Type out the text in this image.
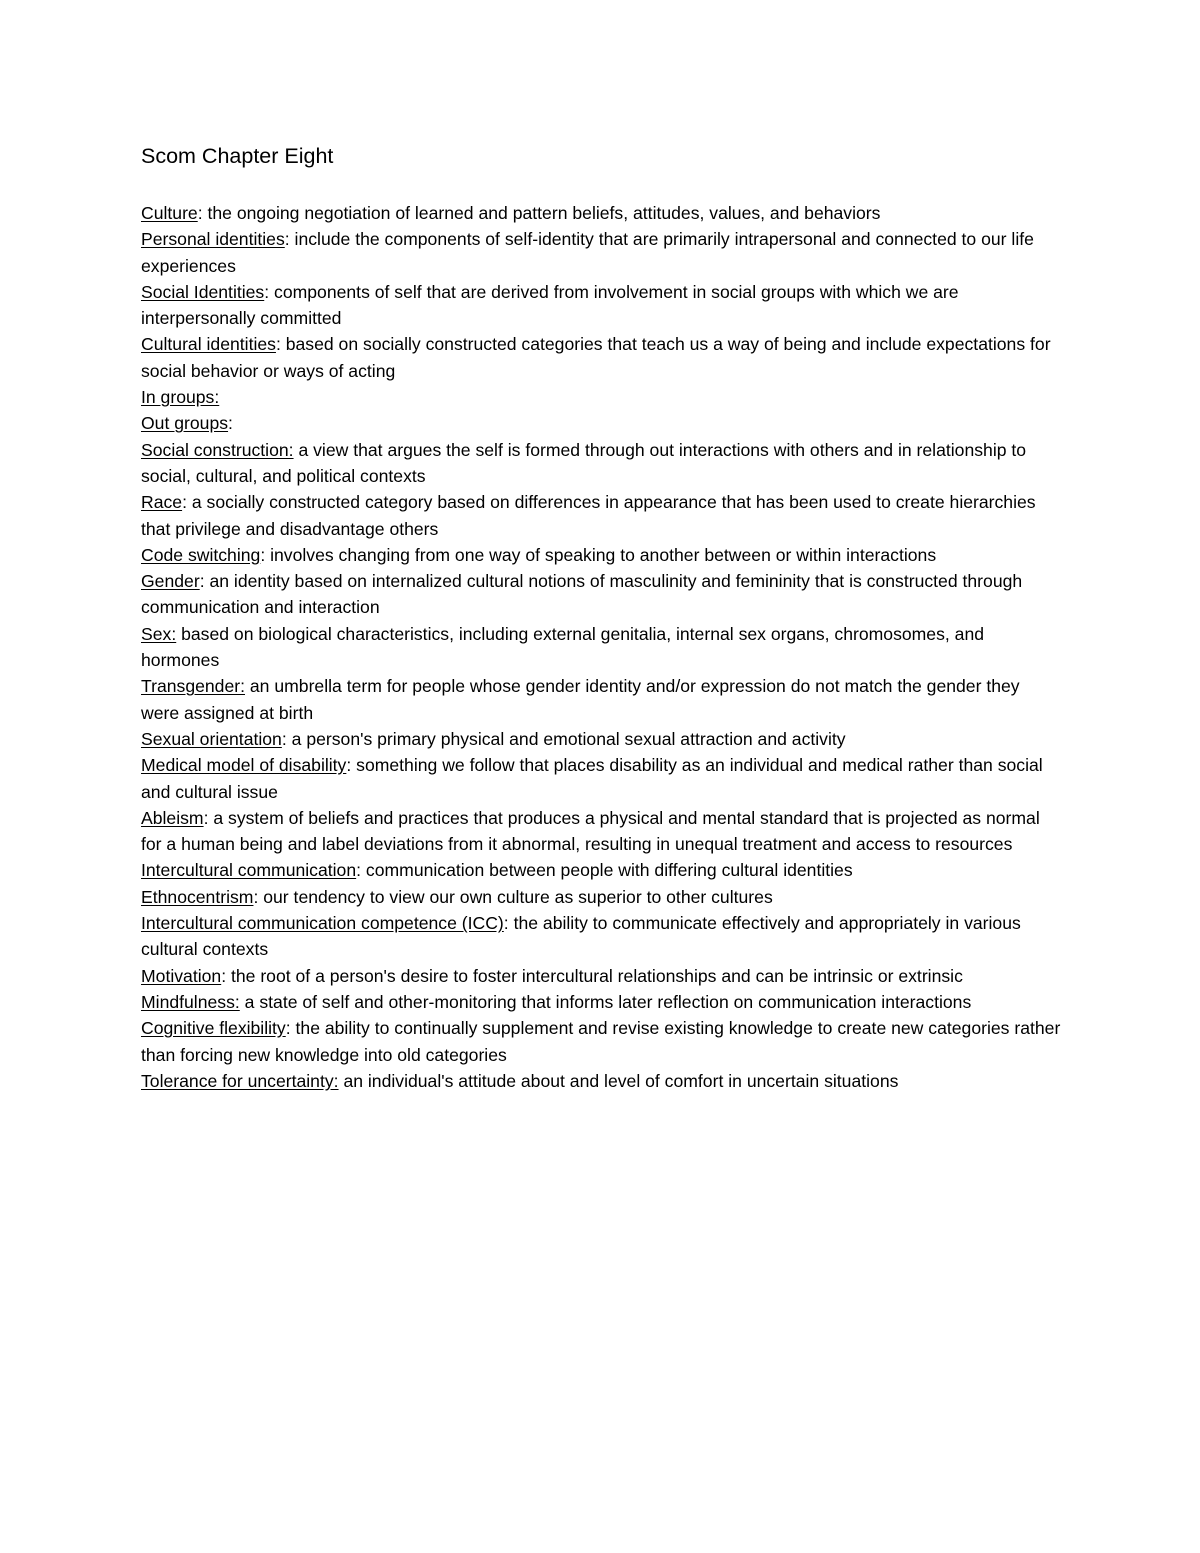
Scom Chapter Eight
Culture: the ongoing negotiation of learned and pattern beliefs, attitudes, values, and behaviors
Personal identities: include the components of self-identity that are primarily intrapersonal and connected to our life experiences
Social Identities: components of self that are derived from involvement in social groups with which we are interpersonally committed
Cultural identities: based on socially constructed categories that teach us a way of being and include expectations for social behavior or ways of acting
In groups:
Out groups:
Social construction: a view that argues the self is formed through out interactions with others and in relationship to social, cultural, and political contexts
Race: a socially constructed category based on differences in appearance that has been used to create hierarchies that privilege and disadvantage others
Code switching: involves changing from one way of speaking to another between or within interactions
Gender: an identity based on internalized cultural notions of masculinity and femininity that is constructed through communication and interaction
Sex: based on biological characteristics, including external genitalia, internal sex organs, chromosomes, and hormones
Transgender: an umbrella term for people whose gender identity and/or expression do not match the gender they were assigned at birth
Sexual orientation: a person's primary physical and emotional sexual attraction and activity
Medical model of disability: something we follow that places disability as an individual and medical rather than social and cultural issue
Ableism: a system of beliefs and practices that produces a physical and mental standard that is projected as normal for a human being and label deviations from it abnormal, resulting in unequal treatment and access to resources
Intercultural communication: communication between people with differing cultural identities
Ethnocentrism: our tendency to view our own culture as superior to other cultures
Intercultural communication competence (ICC): the ability to communicate effectively and appropriately in various cultural contexts
Motivation: the root of a person's desire to foster intercultural relationships and can be intrinsic or extrinsic
Mindfulness: a state of self and other-monitoring that informs later reflection on communication interactions
Cognitive flexibility: the ability to continually supplement and revise existing knowledge to create new categories rather than forcing new knowledge into old categories
Tolerance for uncertainty: an individual's attitude about and level of comfort in uncertain situations
